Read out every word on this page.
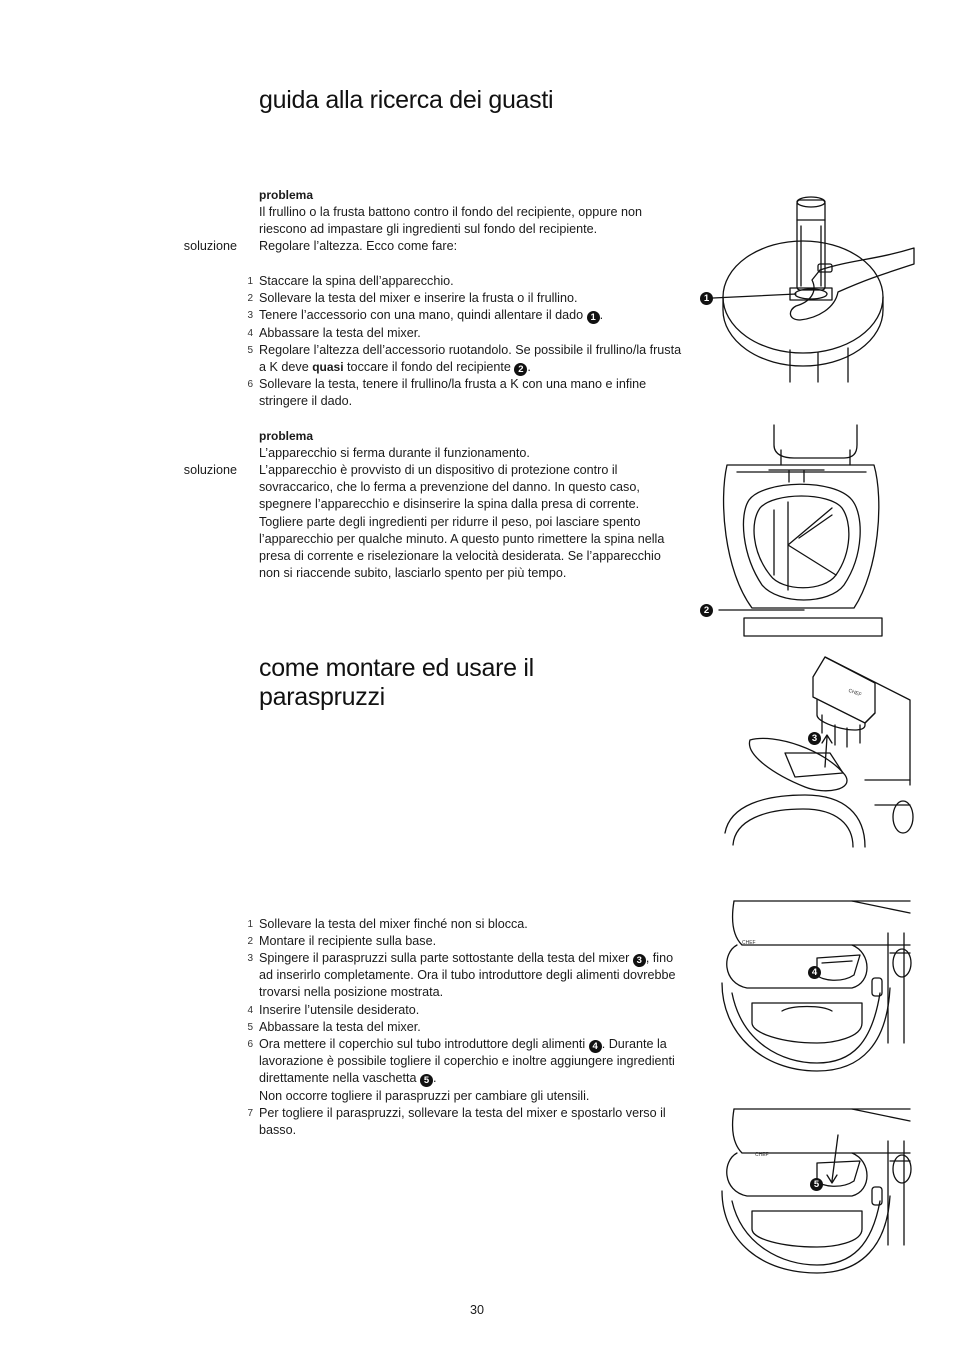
guida alla ricerca dei guasti
problema
Il frullino o la frusta battono contro il fondo del recipiente, oppure non riescono ad impastare gli ingredienti sul fondo del recipiente.
soluzione Regolare l’altezza. Ecco come fare:
1 Staccare la spina dell’apparecchio.
2 Sollevare la testa del mixer e inserire la frusta o il frullino.
3 Tenere l’accessorio con una mano, quindi allentare il dado 1 .
4 Abbassare la testa del mixer.
5 Regolare l’altezza dell’accessorio ruotandolo. Se possibile il frullino/la frusta a K deve quasi toccare il fondo del recipiente 2 .
6 Sollevare la testa, tenere il frullino/la frusta a K con una mano e infine stringere il dado.
problema
L’apparecchio si ferma durante il funzionamento.
soluzione L’apparecchio è provvisto di un dispositivo di protezione contro il sovraccarico, che lo ferma a prevenzione del danno. In questo caso, spegnere l’apparecchio e disinserire la spina dalla presa di corrente. Togliere parte degli ingredienti per ridurre il peso, poi lasciare spento l’apparecchio per qualche minuto. A questo punto rimettere la spina nella presa di corrente e riselezionare la velocità desiderata. Se l’apparecchio non si riaccende subito, lasciarlo spento per più tempo.
come montare ed usare il paraspruzzi
1 Sollevare la testa del mixer finché non si blocca.
2 Montare il recipiente sulla base.
3 Spingere il paraspruzzi sulla parte sottostante della testa del mixer 3 , fino ad inserirlo completamente. Ora il tubo introduttore degli alimenti dovrebbe trovarsi nella posizione mostrata.
4 Inserire l’utensile desiderato.
5 Abbassare la testa del mixer.
6 Ora mettere il coperchio sul tubo introduttore degli alimenti 4 . Durante la lavorazione è possibile togliere il coperchio e inoltre aggiungere ingredienti direttamente nella vaschetta 5 .
Non occorre togliere il paraspruzzi per cambiare gli utensili.
7 Per togliere il paraspruzzi, sollevare la testa del mixer e spostarlo verso il basso.
1
2
3
CHEF
4
CHEF
5
CHEF
30
